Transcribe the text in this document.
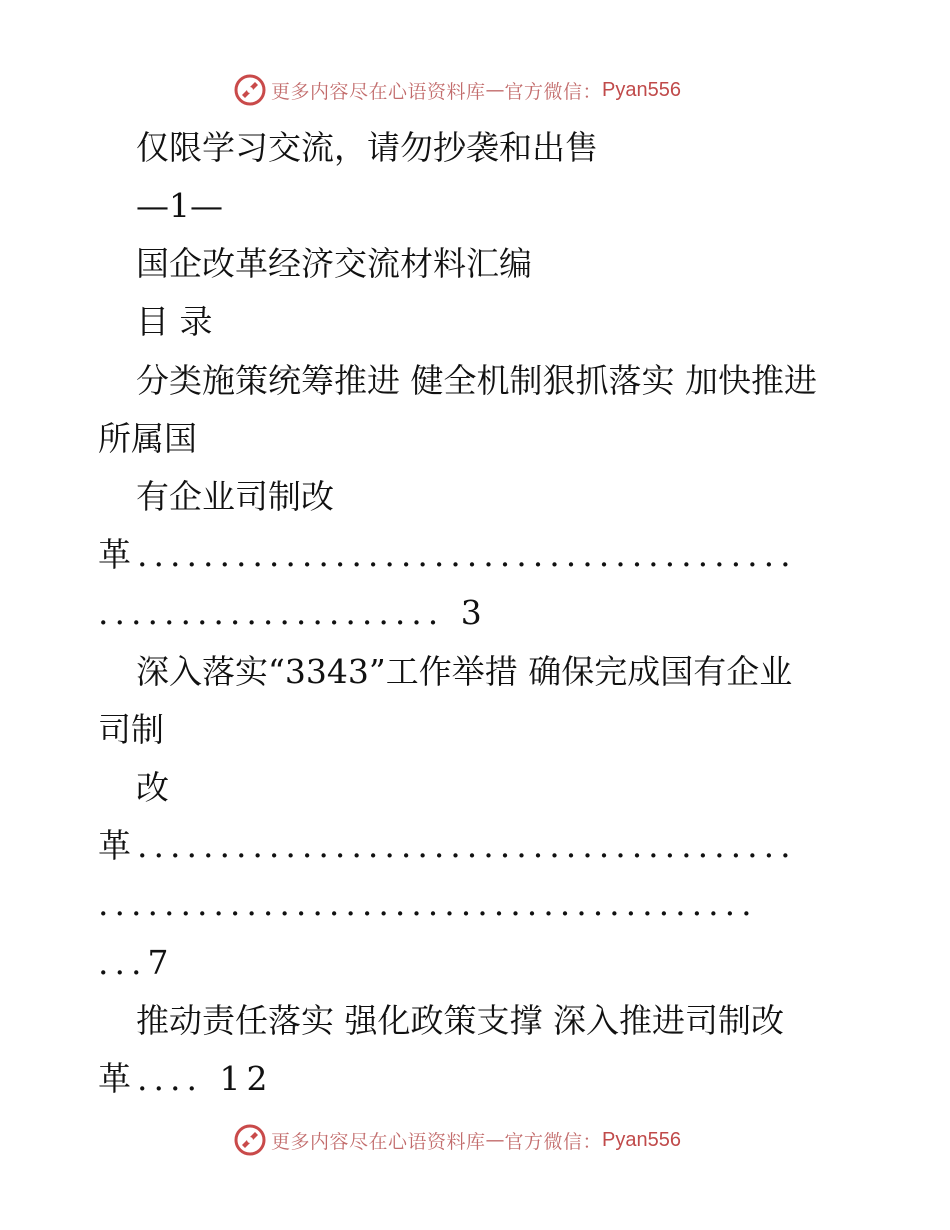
更多内容尽在心语资料库 — 官方微信： Pyan556
仅限学习交流，请勿抄袭和出售
—1—
国企改革经济交流材料汇编
目 录
分类施策统筹推进 健全机制狠抓落实 加快推进
所属国
有企业司制改
革........................................
..................... 3
深入落实“3343”工作举措 确保完成国有企业
司制
改
革........................................
........................................
...7
推动责任落实 强化政策支撑 深入推进司制改
革.... 12
更多内容尽在心语资料库 — 官方微信： Pyan556
